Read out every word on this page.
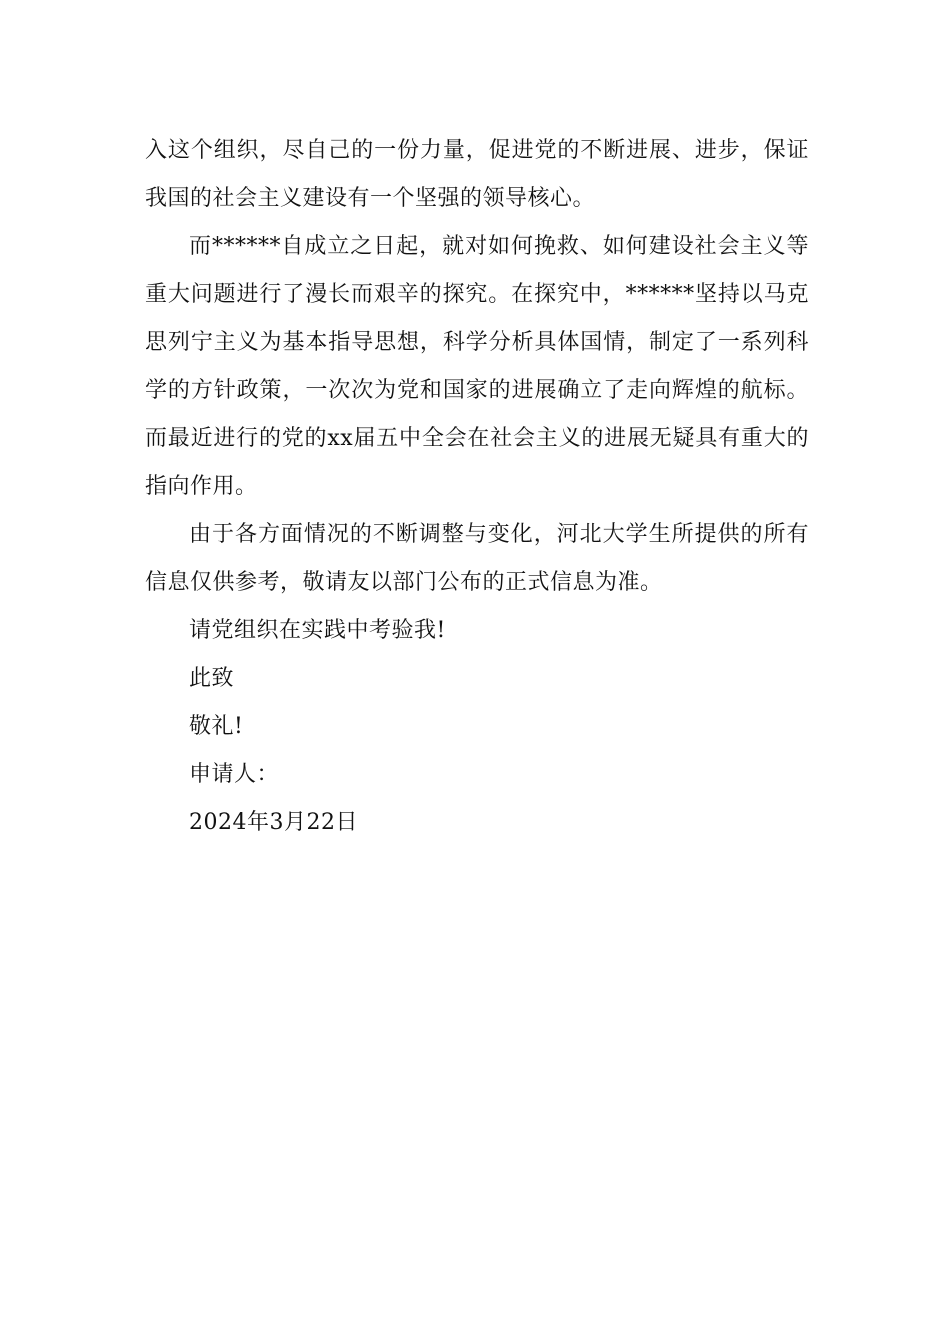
入这个组织，尽自己的一份力量，促进党的不断进展、进步，保证我国的社会主义建设有一个坚强的领导核心。

而******自成立之日起，就对如何挽救、如何建设社会主义等重大问题进行了漫长而艰辛的探究。在探究中，******坚持以马克思列宁主义为基本指导思想，科学分析具体国情，制定了一系列科学的方针政策，一次次为党和国家的进展确立了走向辉煌的航标。而最近进行的党的xx届五中全会在社会主义的进展无疑具有重大的指向作用。

由于各方面情况的不断调整与变化，河北大学生所提供的所有信息仅供参考，敬请友以部门公布的正式信息为准。

请党组织在实践中考验我!

此致

敬礼!

申请人：

2024年3月22日
